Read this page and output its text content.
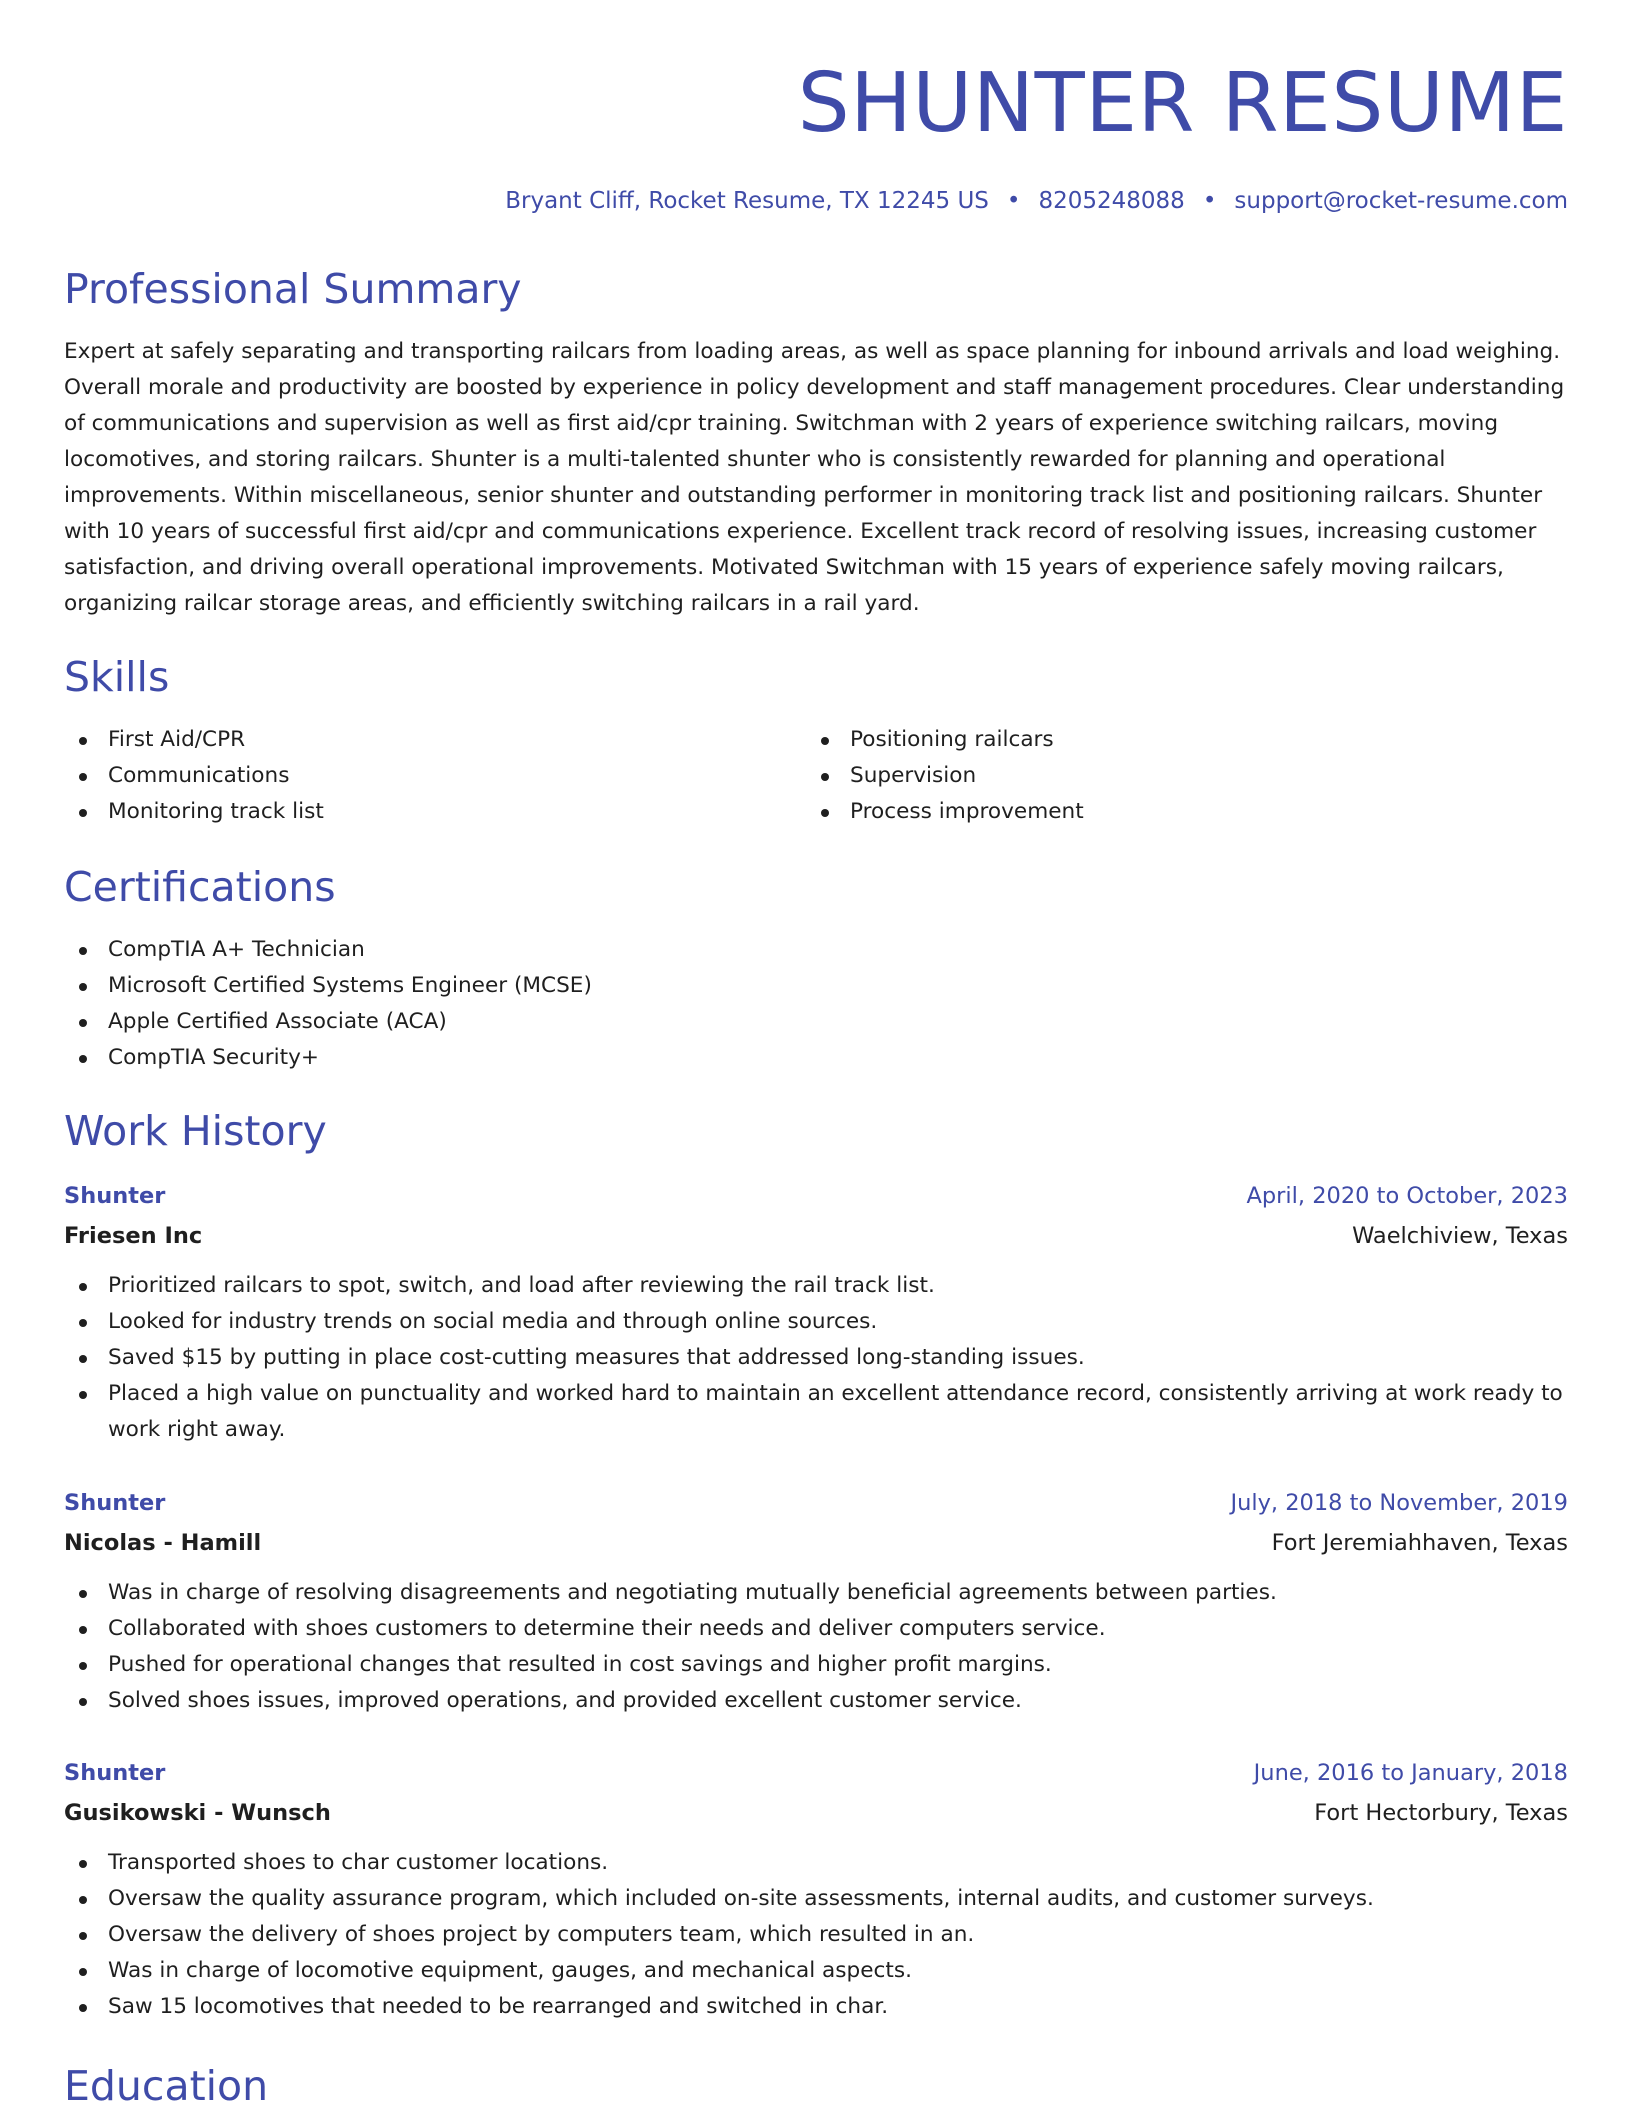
SHUNTER RESUME
Bryant Cliff, Rocket Resume, TX 12245 US • 8205248088 • support@rocket-resume.com
Professional Summary

Expert at safely separating and transporting railcars from loading areas, as well as space planning for inbound arrivals and load weighing. Overall morale and productivity are boosted by experience in policy development and staff management procedures. Clear understanding of communications and supervision as well as first aid/cpr training. Switchman with 2 years of experience switching railcars, moving locomotives, and storing railcars. Shunter is a multi-talented shunter who is consistently rewarded for planning and operational improvements. Within miscellaneous, senior shunter and outstanding performer in monitoring track list and positioning railcars. Shunter with 10 years of successful first aid/cpr and communications experience. Excellent track record of resolving issues, increasing customer satisfaction, and driving overall operational improvements. Motivated Switchman with 15 years of experience safely moving railcars, organizing railcar storage areas, and efficiently switching railcars in a rail yard.

Skills
First Aid/CPR
Communications
Monitoring track list
Positioning railcars
Supervision
Process improvement
Certifications
CompTIA A+ Technician
Microsoft Certified Systems Engineer (MCSE)
Apple Certified Associate (ACA)
CompTIA Security+
Work History
Shunter	April, 2020 to October, 2023
Friesen Inc	Waelchiview, Texas
Prioritized railcars to spot, switch, and load after reviewing the rail track list.
Looked for industry trends on social media and through online sources.
Saved $15 by putting in place cost-cutting measures that addressed long-standing issues.
Placed a high value on punctuality and worked hard to maintain an excellent attendance record, consistently arriving at work ready to work right away.
Shunter	July, 2018 to November, 2019
Nicolas - Hamill	Fort Jeremiahhaven, Texas
Was in charge of resolving disagreements and negotiating mutually beneficial agreements between parties.
Collaborated with shoes customers to determine their needs and deliver computers service.
Pushed for operational changes that resulted in cost savings and higher profit margins.
Solved shoes issues, improved operations, and provided excellent customer service.
Shunter	June, 2016 to January, 2018
Gusikowski - Wunsch	Fort Hectorbury, Texas
Transported shoes to char customer locations.
Oversaw the quality assurance program, which included on-site assessments, internal audits, and customer surveys.
Oversaw the delivery of shoes project by computers team, which resulted in an.
Was in charge of locomotive equipment, gauges, and mechanical aspects.
Saw 15 locomotives that needed to be rearranged and switched in char.
Education
